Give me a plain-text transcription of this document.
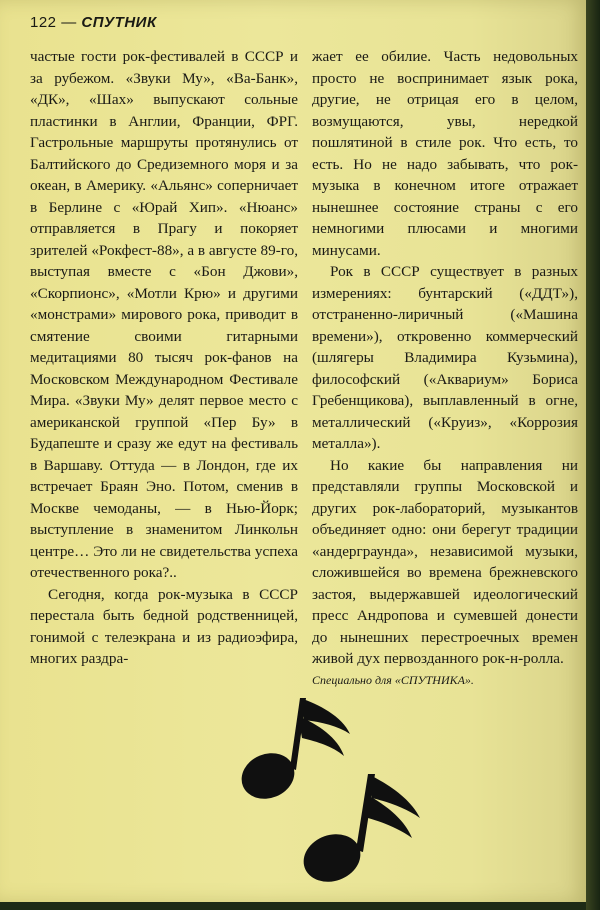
122 — СПУТНИК

частые гости рок-фестивалей в СССР и за рубежом. «Звуки Му», «Ва-Банк», «ДК», «Шах» выпускают сольные пластинки в Англии, Франции, ФРГ. Гастрольные маршруты протянулись от Балтийского до Средиземного моря и за океан, в Америку. «Альянс» соперничает в Берлине с «Юрай Хип». «Нюанс» отправляется в Прагу и покоряет зрителей «Рокфест-88», а в августе 89-го, выступая вместе с «Бон Джови», «Скорпионс», «Мотли Крю» и другими «монстрами» мирового рока, приводит в смятение своими гитарными медитациями 80 тысяч рок-фанов на Московском Международном Фестивале Мира. «Звуки Му» делят первое место с американской группой «Пер Бу» в Будапеште и сразу же едут на фестиваль в Варшаву. Оттуда — в Лондон, где их встречает Браян Эно. Потом, сменив в Москве чемоданы, — в Нью-Йорк; выступление в знаменитом Линкольн центре… Это ли не свидетельства успеха отечественного рока?..

Сегодня, когда рок-музыка в СССР перестала быть бедной родственницей, гонимой с телеэкрана и из радиоэфира, многих раздра-

жает ее обилие. Часть недовольных просто не воспринимает язык рока, другие, не отрицая его в целом, возмущаются, увы, нередкой пошлятиной в стиле рок. Что есть, то есть. Но не надо забывать, что рок-музыка в конечном итоге отражает нынешнее состояние страны с его немногими плюсами и многими минусами.

Рок в СССР существует в разных измерениях: бунтарский («ДДТ»), отстраненно-лиричный («Машина времени»), откровенно коммерческий (шлягеры Владимира Кузьмина), философский («Аквариум» Бориса Гребенщикова), выплавленный в огне, металлический («Круиз», «Коррозия металла»).

Но какие бы направления ни представляли группы Московской и других рок-лабораторий, музыкантов объединяет одно: они берегут традиции «андерграунда», независимой музыки, сложившейся во времена брежневского застоя, выдержавшей идеологический пресс Андропова и сумевшей донести до нынешних перестроечных времен живой дух первозданного рок-н-ролла.

Специально для «СПУТНИКА».
